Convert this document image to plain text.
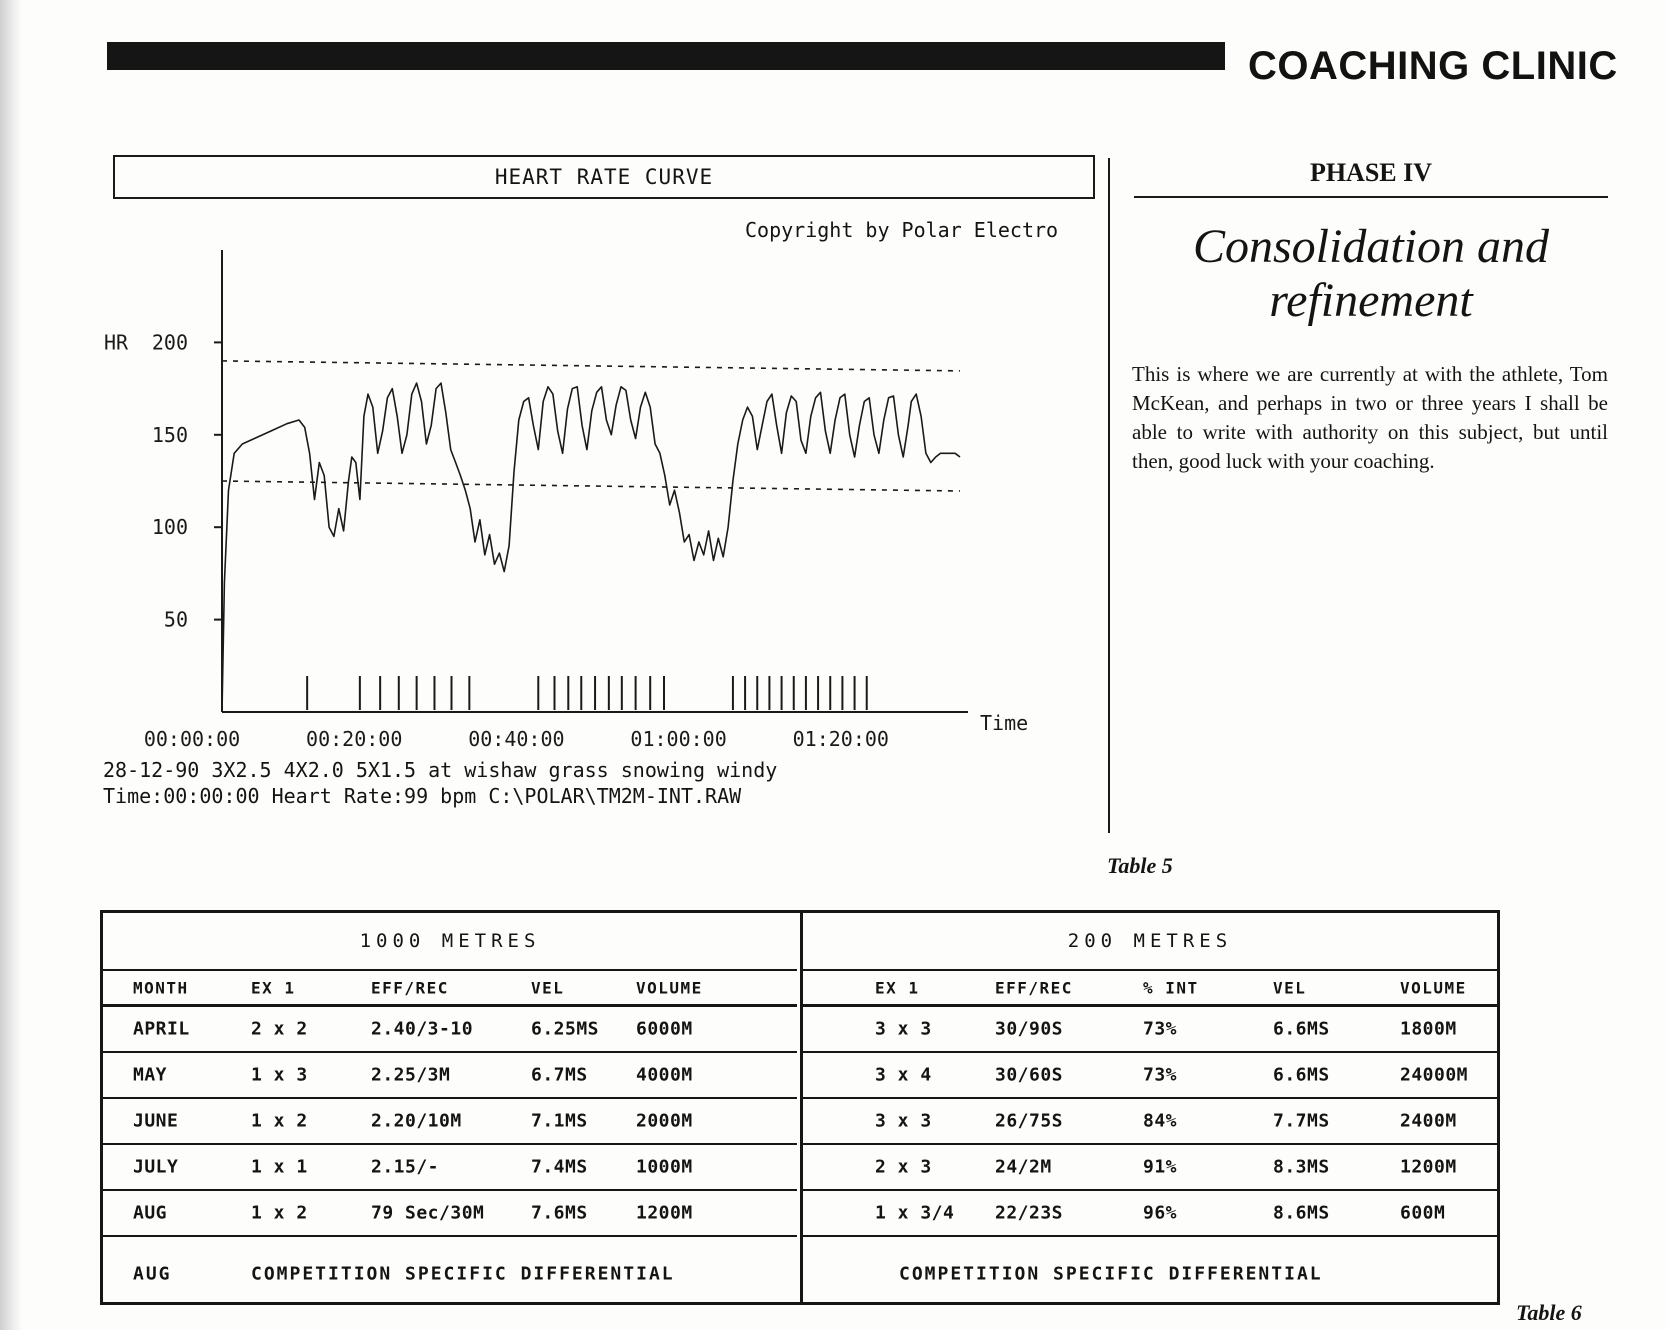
COACHING CLINIC
HEART RATE CURVE
Copyright by Polar Electro
HR
Time
50
100
150
200
00:00:00	00:20:00	00:40:00	01:00:00	01:20:00
28-12-90 3X2.5 4X2.0 5X1.5 at wishaw grass snowing windy
Time:00:00:00 Heart Rate:99 bpm C:\POLAR\TM2M-INT.RAW
PHASE IV
Consolidation and
refinement
This is where we are currently at with the athlete, Tom McKean, and perhaps in two or three years I shall be able to write with authority on this subject, but until then, good luck with your coaching.
Table 5
1000 METRES
MONTH	EX 1	EFF/REC	VEL	VOLUME
APRIL	2 x 2	2.40/3-10	6.25MS 6000M
MAY	1 x 3	2.25/3M	6.7MS	4000M
JUNE	1 x 2	2.20/10M	7.1MS	2000M
JULY	1 x 1	2.15/-	7.4MS	1000M
AUG	1 x 2	79 Sec/30M	7.6MS	1200M
AUG	COMPETITION SPECIFIC DIFFERENTIAL
200 METRES
EX 1	EFF/REC	% INT	VEL	VOLUME
3 x 3	30/90S	73%	6.6MS	1800M
3 x 4	30/60S	73%	6.6MS	24000M
3 x 3	26/75S	84%	7.7MS	2400M
2 x 3	24/2M	91%	8.3MS	1200M
1 x 3/4 22/23S	96%	8.6MS	600M
COMPETITION SPECIFIC DIFFERENTIAL
Table 6
